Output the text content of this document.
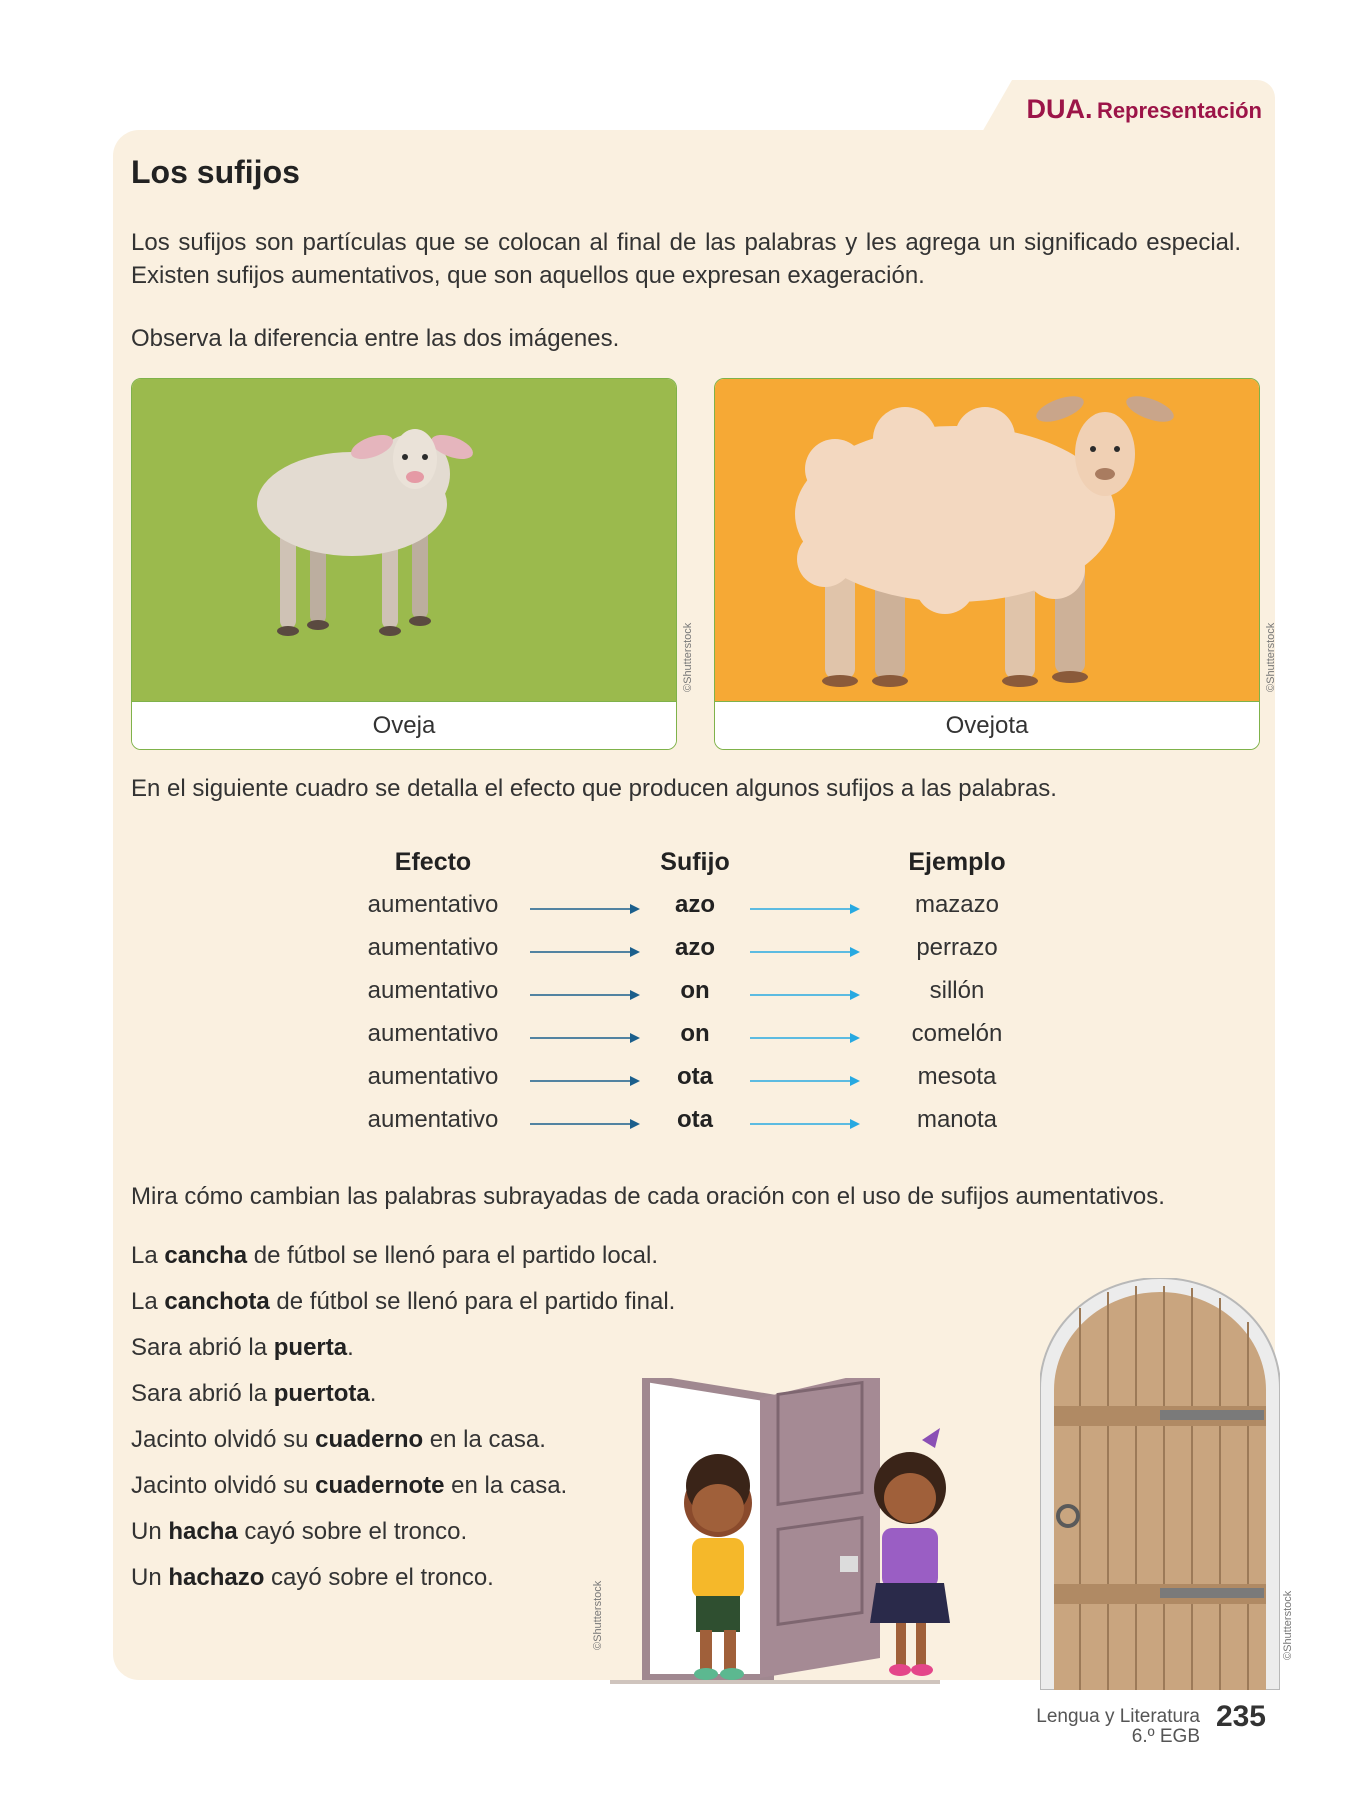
DUA. Representación
Los sufijos
Los sufijos son partículas que se colocan al final de las palabras y les agrega un significado especial. Existen sufijos aumentativos, que son aquellos que expresan exageración.
Observa la diferencia entre las dos imágenes.
Oveja
©Shutterstock
Ovejota
©Shutterstock
En el siguiente cuadro se detalla el efecto que producen algunos sufijos a las palabras.
Efecto	Sufijo	Ejemplo
aumentativo	azo	mazazo
aumentativo	azo	perrazo
aumentativo	on	sillón
aumentativo	on	comelón
aumentativo	ota	mesota
aumentativo	ota	manota
Mira cómo cambian las palabras subrayadas de cada oración con el uso de sufijos aumentativos.
La cancha de fútbol se llenó para el partido local.
La canchota de fútbol se llenó para el partido final.
Sara abrió la puerta.
Sara abrió la puertota.
Jacinto olvidó su cuaderno en la casa.
Jacinto olvidó su cuadernote en la casa.
Un hacha cayó sobre el tronco.
Un hachazo cayó sobre el tronco.
©Shutterstock	©Shutterstock
Lengua y Literatura
6.º EGB
235
